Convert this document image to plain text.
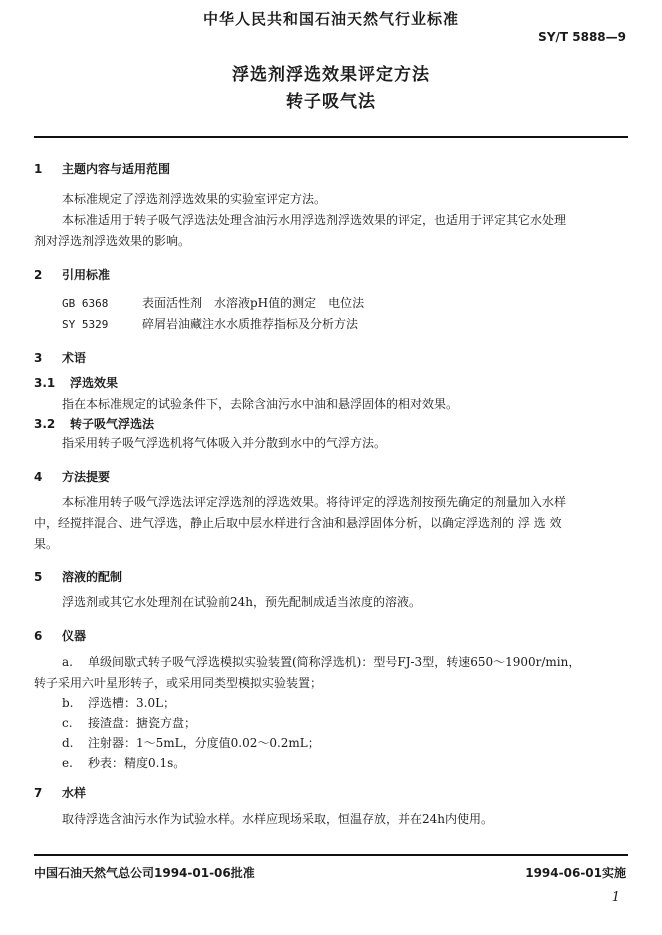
中华人民共和国石油天然气行业标准
SY/T 5888—9
浮选剂浮选效果评定方法
转子吸气法
1 主题内容与适用范围
本标准规定了浮选剂浮选效果的实验室评定方法。
本标准适用于转子吸气浮选法处理含油污水用浮选剂浮选效果的评定，也适用于评定其它水处理
剂对浮选剂浮选效果的影响。
2 引用标准
GB 6368	表面活性剂　水溶液pH值的测定　电位法
SY 5329	碎屑岩油藏注水水质推荐指标及分析方法
3 术语
3.1 浮选效果
指在本标准规定的试验条件下，去除含油污水中油和悬浮固体的相对效果。
3.2 转子吸气浮选法
指采用转子吸气浮选机将气体吸入并分散到水中的气浮方法。
4 方法提要
本标准用转子吸气浮选法评定浮选剂的浮选效果。将待评定的浮选剂按预先确定的剂量加入水样
中，经搅拌混合、进气浮选，静止后取中层水样进行含油和悬浮固体分析，以确定浮选剂的 浮 选 效
果。
5 溶液的配制
浮选剂或其它水处理剂在试验前24h，预先配制成适当浓度的溶液。
6 仪器
a. 单级间歇式转子吸气浮选模拟实验装置(简称浮选机)：型号FJ-3型，转速650～1900r/min，
转子采用六叶星形转子，或采用同类型模拟实验装置；
b. 浮选槽：3.0L；
c. 接渣盘：搪瓷方盘；
d. 注射器：1～5mL，分度值0.02～0.2mL；
e. 秒表：精度0.1s。
7 水样
取待浮选含油污水作为试验水样。水样应现场采取，恒温存放，并在24h内使用。
中国石油天然气总公司1994-01-06批准	1994-06-01实施
1
